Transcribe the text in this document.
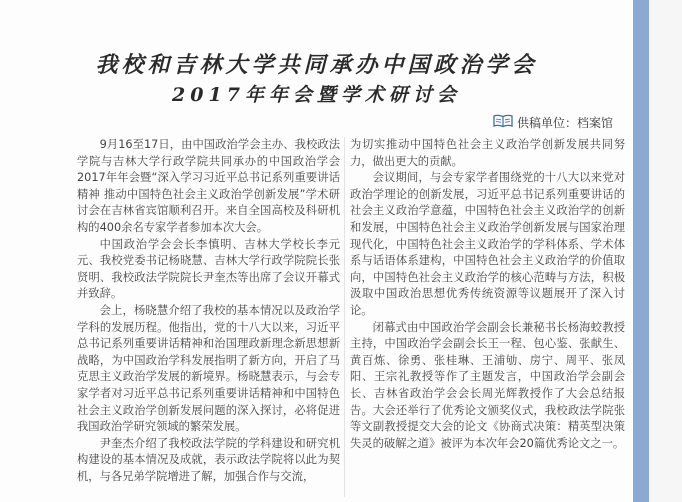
我校和吉林大学共同承办中国政治学会
2017年年会暨学术研讨会
供稿单位：档案馆

9月16至17日，由中国政治学会主办、我校政法学院与吉林大学行政学院共同承办的中国政治学会2017年年会暨“深入学习习近平总书记系列重要讲话精神 推动中国特色社会主义政治学创新发展”学术研讨会在吉林省宾馆顺利召开。来自全国高校及科研机构的400余名专家学者参加本次大会。

中国政治学会会长李慎明、吉林大学校长李元元、我校党委书记杨晓慧、吉林大学行政学院院长张贤明、我校政法学院院长尹奎杰等出席了会议开幕式并致辞。

会上，杨晓慧介绍了我校的基本情况以及政治学学科的发展历程。他指出，党的十八大以来，习近平总书记系列重要讲话精神和治国理政新理念新思想新战略，为中国政治学科发展指明了新方向，开启了马克思主义政治学发展的新境界。杨晓慧表示，与会专家学者对习近平总书记系列重要讲话精神和中国特色社会主义政治学创新发展问题的深入探讨，必将促进我国政治学研究领域的繁荣发展。

尹奎杰介绍了我校政法学院的学科建设和研究机构建设的基本情况及成就，表示政法学院将以此为契机，与各兄弟学院增进了解，加强合作与交流，

为切实推动中国特色社会主义政治学创新发展共同努力，做出更大的贡献。

会议期间，与会专家学者围绕党的十八大以来党对政治学理论的创新发展，习近平总书记系列重要讲话的社会主义政治学意蕴，中国特色社会主义政治学的创新和发展，中国特色社会主义政治学创新发展与国家治理现代化，中国特色社会主义政治学的学科体系、学术体系与话语体系建构，中国特色社会主义政治学的价值取向，中国特色社会主义政治学的核心范畴与方法，积极汲取中国政治思想优秀传统资源等议题展开了深入讨论。

闭幕式由中国政治学会副会长兼秘书长杨海蛟教授主持，中国政治学会副会长王一程、包心鉴、张献生、黄百炼、徐勇、张桂琳、王浦劬、房宁、周平、张凤阳、王宗礼教授等作了主题发言，中国政治学会副会长、吉林省政治学会会长周光辉教授作了大会总结报告。大会还举行了优秀论文颁奖仪式，我校政法学院张等文副教授提交大会的论文《协商式决策：精英型决策失灵的破解之道》被评为本次年会20篇优秀论文之一。
